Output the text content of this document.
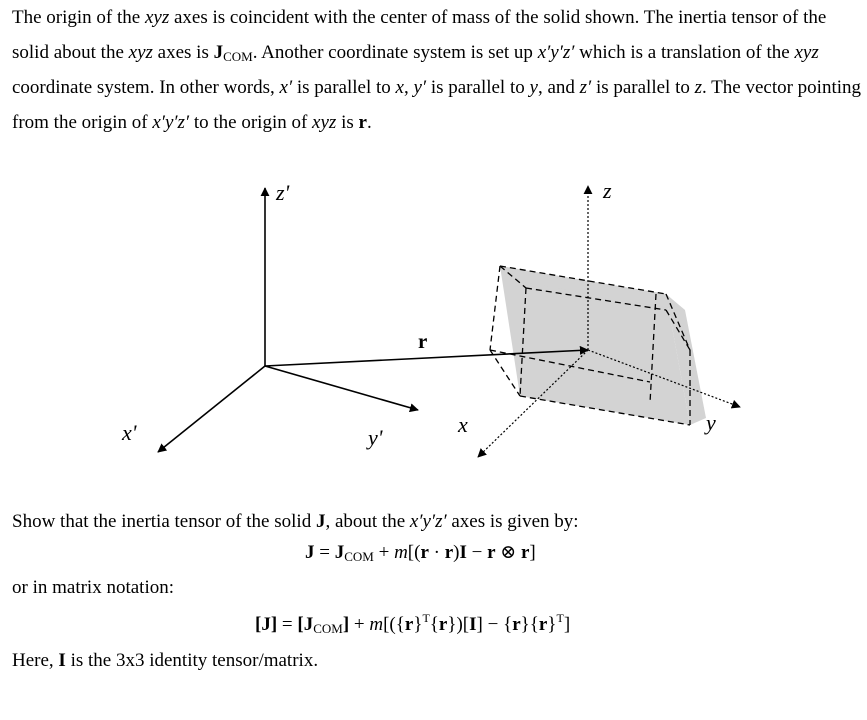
The origin of the xyz axes is coincident with the center of mass of the solid shown. The inertia tensor of the solid about the xyz axes is $J_{COM}$. Another coordinate system is set up x′y′z′ which is a translation of the xyz coordinate system. In other words, x′ is parallel to x, y′ is parallel to y, and z′ is parallel to z. The vector pointing from the origin of x′y′z′ to the origin of xyz is r.

z'	z
r
x'	y'
x	y

Show that the inertia tensor of the solid J, about the x′y′z′ axes is given by:

$J = J_{COM} + m[(r \cdot r)I - r$ ⊗ r]

or in matrix notation:

$[J] = [J_{COM}] + m[(\{r\}^T\{r\})[I] - \{r\}\{r\}^T]$

Here, I is the 3x3 identity tensor/matrix.
